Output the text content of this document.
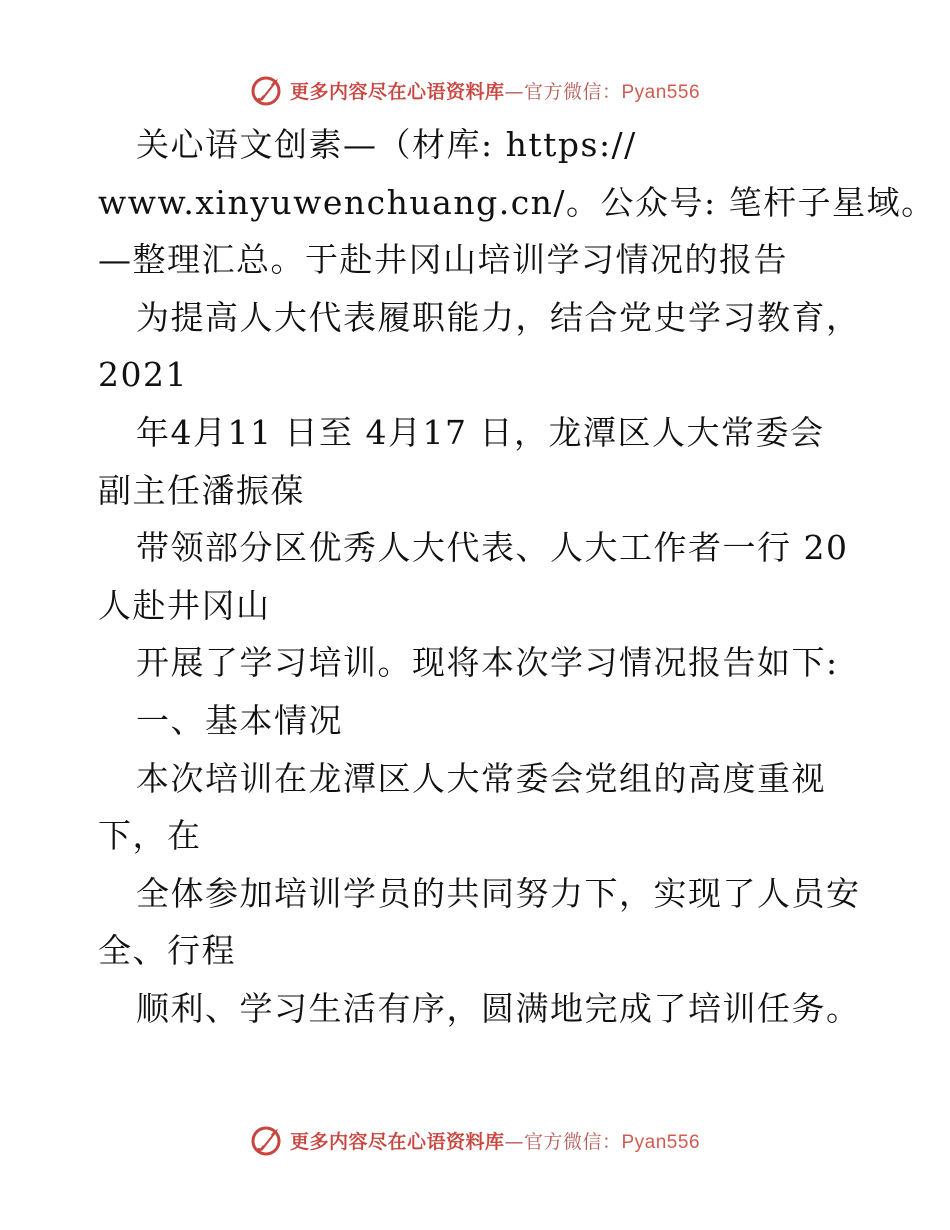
更多内容尽在心语资料库—官方微信：Pyan556
关心语文创素—（材库: https://
www.xinyuwenchuang.cn/。公众号: 笔杆子星域。
—整理汇总。于赴井冈山培训学习情况的报告
为提高人大代表履职能力，结合党史学习教育，
2021
年4月11 日至 4月17 日，龙潭区人大常委会
副主任潘振葆
带领部分区优秀人大代表、人大工作者一行 20
人赴井冈山
开展了学习培训。现将本次学习情况报告如下:
一、基本情况
本次培训在龙潭区人大常委会党组的高度重视
下，在
全体参加培训学员的共同努力下，实现了人员安
全、行程
顺利、学习生活有序，圆满地完成了培训任务。
更多内容尽在心语资料库—官方微信：Pyan556
